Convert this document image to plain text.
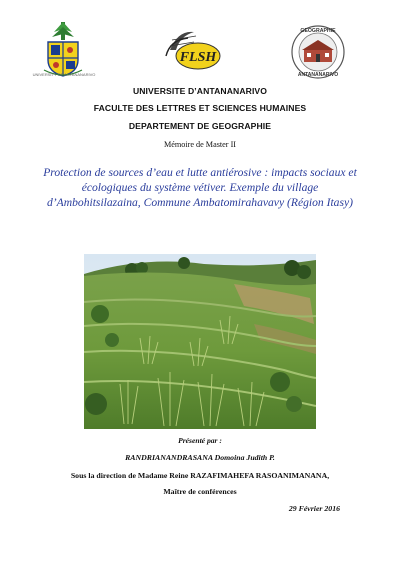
UNIVERSITY OF ANTANANARIVO
FLSH
GEOGRAPHIE
ANTANANARIVO
UNIVERSITE D’ANTANANARIVO
FACULTE DES LETTRES ET SCIENCES HUMAINES
DEPARTEMENT DE GEOGRAPHIE
Mémoire de Master II
Protection de sources d’eau et lutte antiérosive : impacts sociaux et écologiques du système vétiver. Exemple du village d’Ambohitsilazaina, Commune Ambatomirahavavy (Région Itasy)
Présenté par :
RANDRIANANDRASANA Domoina Judith P.
Sous la direction de Madame Reine RAZAFIMAHEFA RASOANIMANANA,
Maître de conférences
29 Février 2016
